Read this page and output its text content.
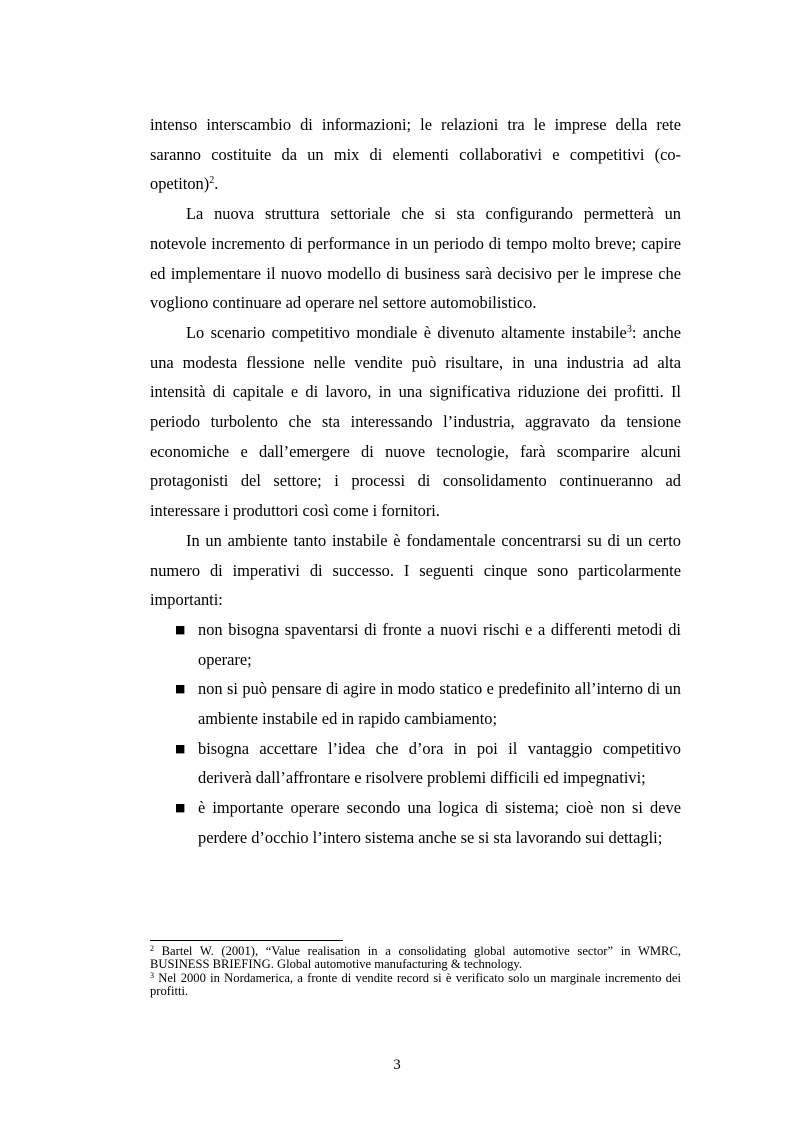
intenso interscambio di informazioni; le relazioni tra le imprese della rete saranno costituite da un mix di elementi collaborativi e competitivi (co-opetiton)$^2$.

La nuova struttura settoriale che si sta configurando permetterà un notevole incremento di performance in un periodo di tempo molto breve; capire ed implementare il nuovo modello di business sarà decisivo per le imprese che vogliono continuare ad operare nel settore automobilistico.

Lo scenario competitivo mondiale è divenuto altamente instabile$^3$: anche una modesta flessione nelle vendite può risultare, in una industria ad alta intensità di capitale e di lavoro, in una significativa riduzione dei profitti. Il periodo turbolento che sta interessando l’industria, aggravato da tensione economiche e dall’emergere di nuove tecnologie, farà scomparire alcuni protagonisti del settore; i processi di consolidamento continueranno ad interessare i produttori così come i fornitori.

In un ambiente tanto instabile è fondamentale concentrarsi su di un certo numero di imperativi di successo. I seguenti cinque sono particolarmente importanti:

■ non bisogna spaventarsi di fronte a nuovi rischi e a differenti metodi di operare;
■ non si può pensare di agire in modo statico e predefinito all’interno di un ambiente instabile ed in rapido cambiamento;
■ bisogna accettare l’idea che d’ora in poi il vantaggio competitivo deriverà dall’affrontare e risolvere problemi difficili ed impegnativi;
■ è importante operare secondo una logica di sistema; cioè non si deve perdere d’occhio l’intero sistema anche se si sta lavorando sui dettagli;

$^2$ Bartel W. (2001), “Value realisation in a consolidating global automotive sector” in WMRC, BUSINESS BRIEFING. Global automotive manufacturing & technology.

$^3$ Nel 2000 in Nordamerica, a fronte di vendite record si è verificato solo un marginale incremento dei profitti.

3
